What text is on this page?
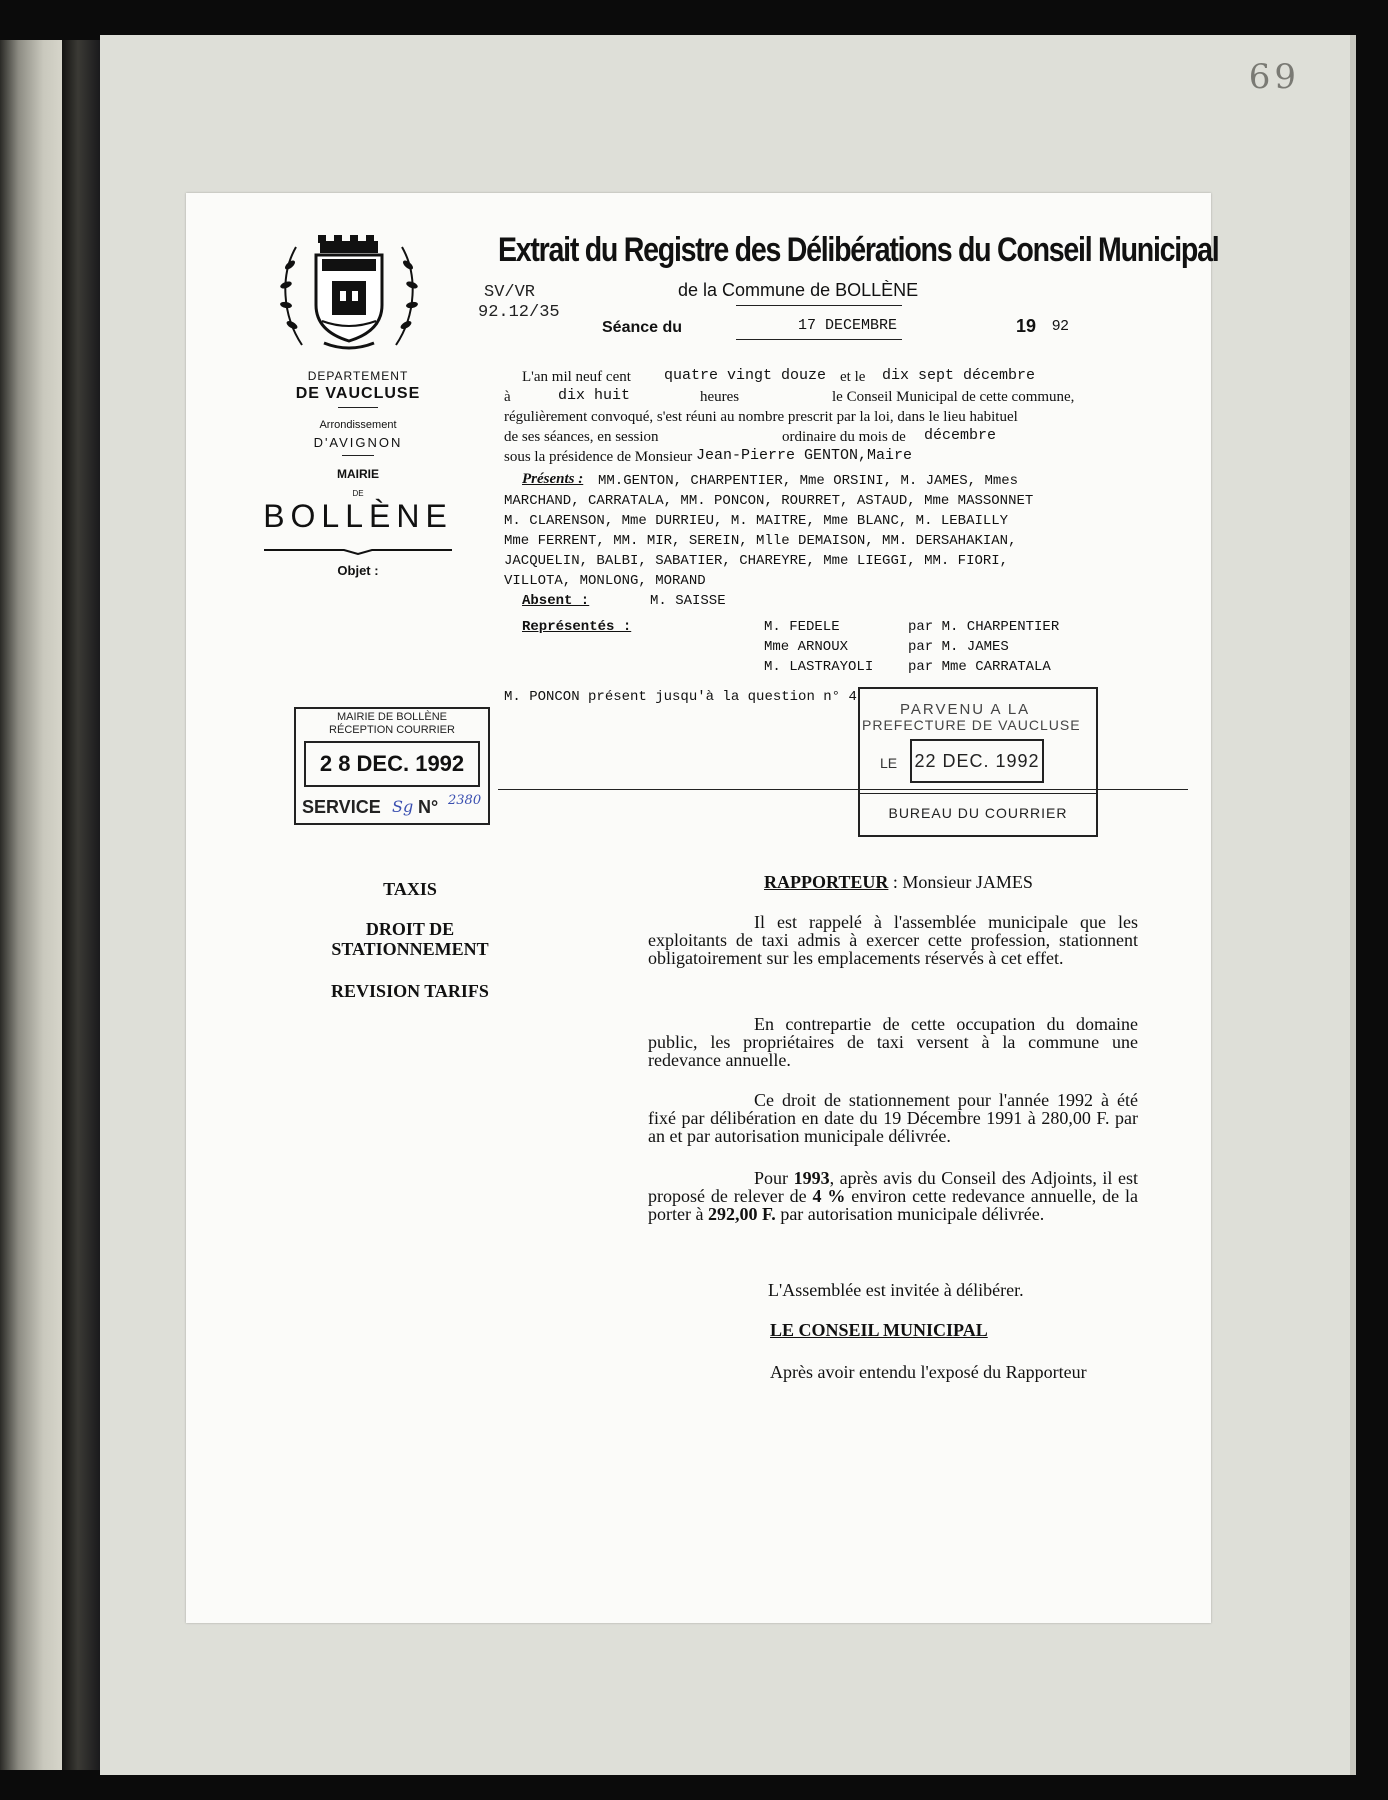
69
DEPARTEMENT
DE VAUCLUSE
Arrondissement
D'AVIGNON
MAIRIE
DE
BOLLÈNE
Objet :
Extrait du Registre des Délibérations du Conseil Municipal
de la Commune de BOLLÈNE
SV/VR
92.12/35
Séance du	17 DECEMBRE	19 92
L'an mil neuf cent quatre vingt douze et le dix sept décembre
à	dix huit	heures	le Conseil Municipal de cette commune,
régulièrement convoqué, s'est réuni au nombre prescrit par la loi, dans le lieu habituel
de ses séances, en session	ordinaire du mois de décembre
sous la présidence de Monsieur Jean-Pierre GENTON,Maire
Présents : MM.GENTON, CHARPENTIER, Mme ORSINI, M. JAMES, Mmes
MARCHAND, CARRATALA, MM. PONCON, ROURRET, ASTAUD, Mme MASSONNET
M. CLARENSON, Mme DURRIEU, M. MAITRE, Mme BLANC, M. LEBAILLY
Mme FERRENT, MM. MIR, SEREIN, Mlle DEMAISON, MM. DERSAHAKIAN,
JACQUELIN, BALBI, SABATIER, CHAREYRE, Mme LIEGGI, MM. FIORI,
VILLOTA, MONLONG, MORAND
Absent :	M. SAISSE
Représentés :	M. FEDELE	par M. CHARPENTIER
Mme ARNOUX	par M. JAMES
M. LASTRAYOLI par Mme CARRATALA
M. PONCON présent jusqu'à la question n° 4
MAIRIE DE BOLLÈNE
RÉCEPTION COURRIER
2 8 DEC. 1992
SERVICE Sg N° 2380
PARVENU A LA
PREFECTURE DE VAUCLUSE
LE 22 DEC. 1992
BUREAU DU COURRIER
TAXIS
DROIT DE
STATIONNEMENT
REVISION TARIFS
RAPPORTEUR : Monsieur JAMES
Il est rappelé à l'assemblée municipale que les exploitants de taxi admis à exercer cette profession, stationnent obligatoirement sur les emplacements réservés à cet effet.
En contrepartie de cette occupation du domaine public, les propriétaires de taxi versent à la commune une redevance annuelle.
Ce droit de stationnement pour l'année 1992 à été fixé par délibération en date du 19 Décembre 1991 à 280,00 F. par an et par autorisation municipale délivrée.
Pour 1993, après avis du Conseil des Adjoints, il est proposé de relever de 4 % environ cette redevance annuelle, de la porter à 292,00 F. par autorisation municipale délivrée.
L'Assemblée est invitée à délibérer.
LE CONSEIL MUNICIPAL
Après avoir entendu l'exposé du Rapporteur
